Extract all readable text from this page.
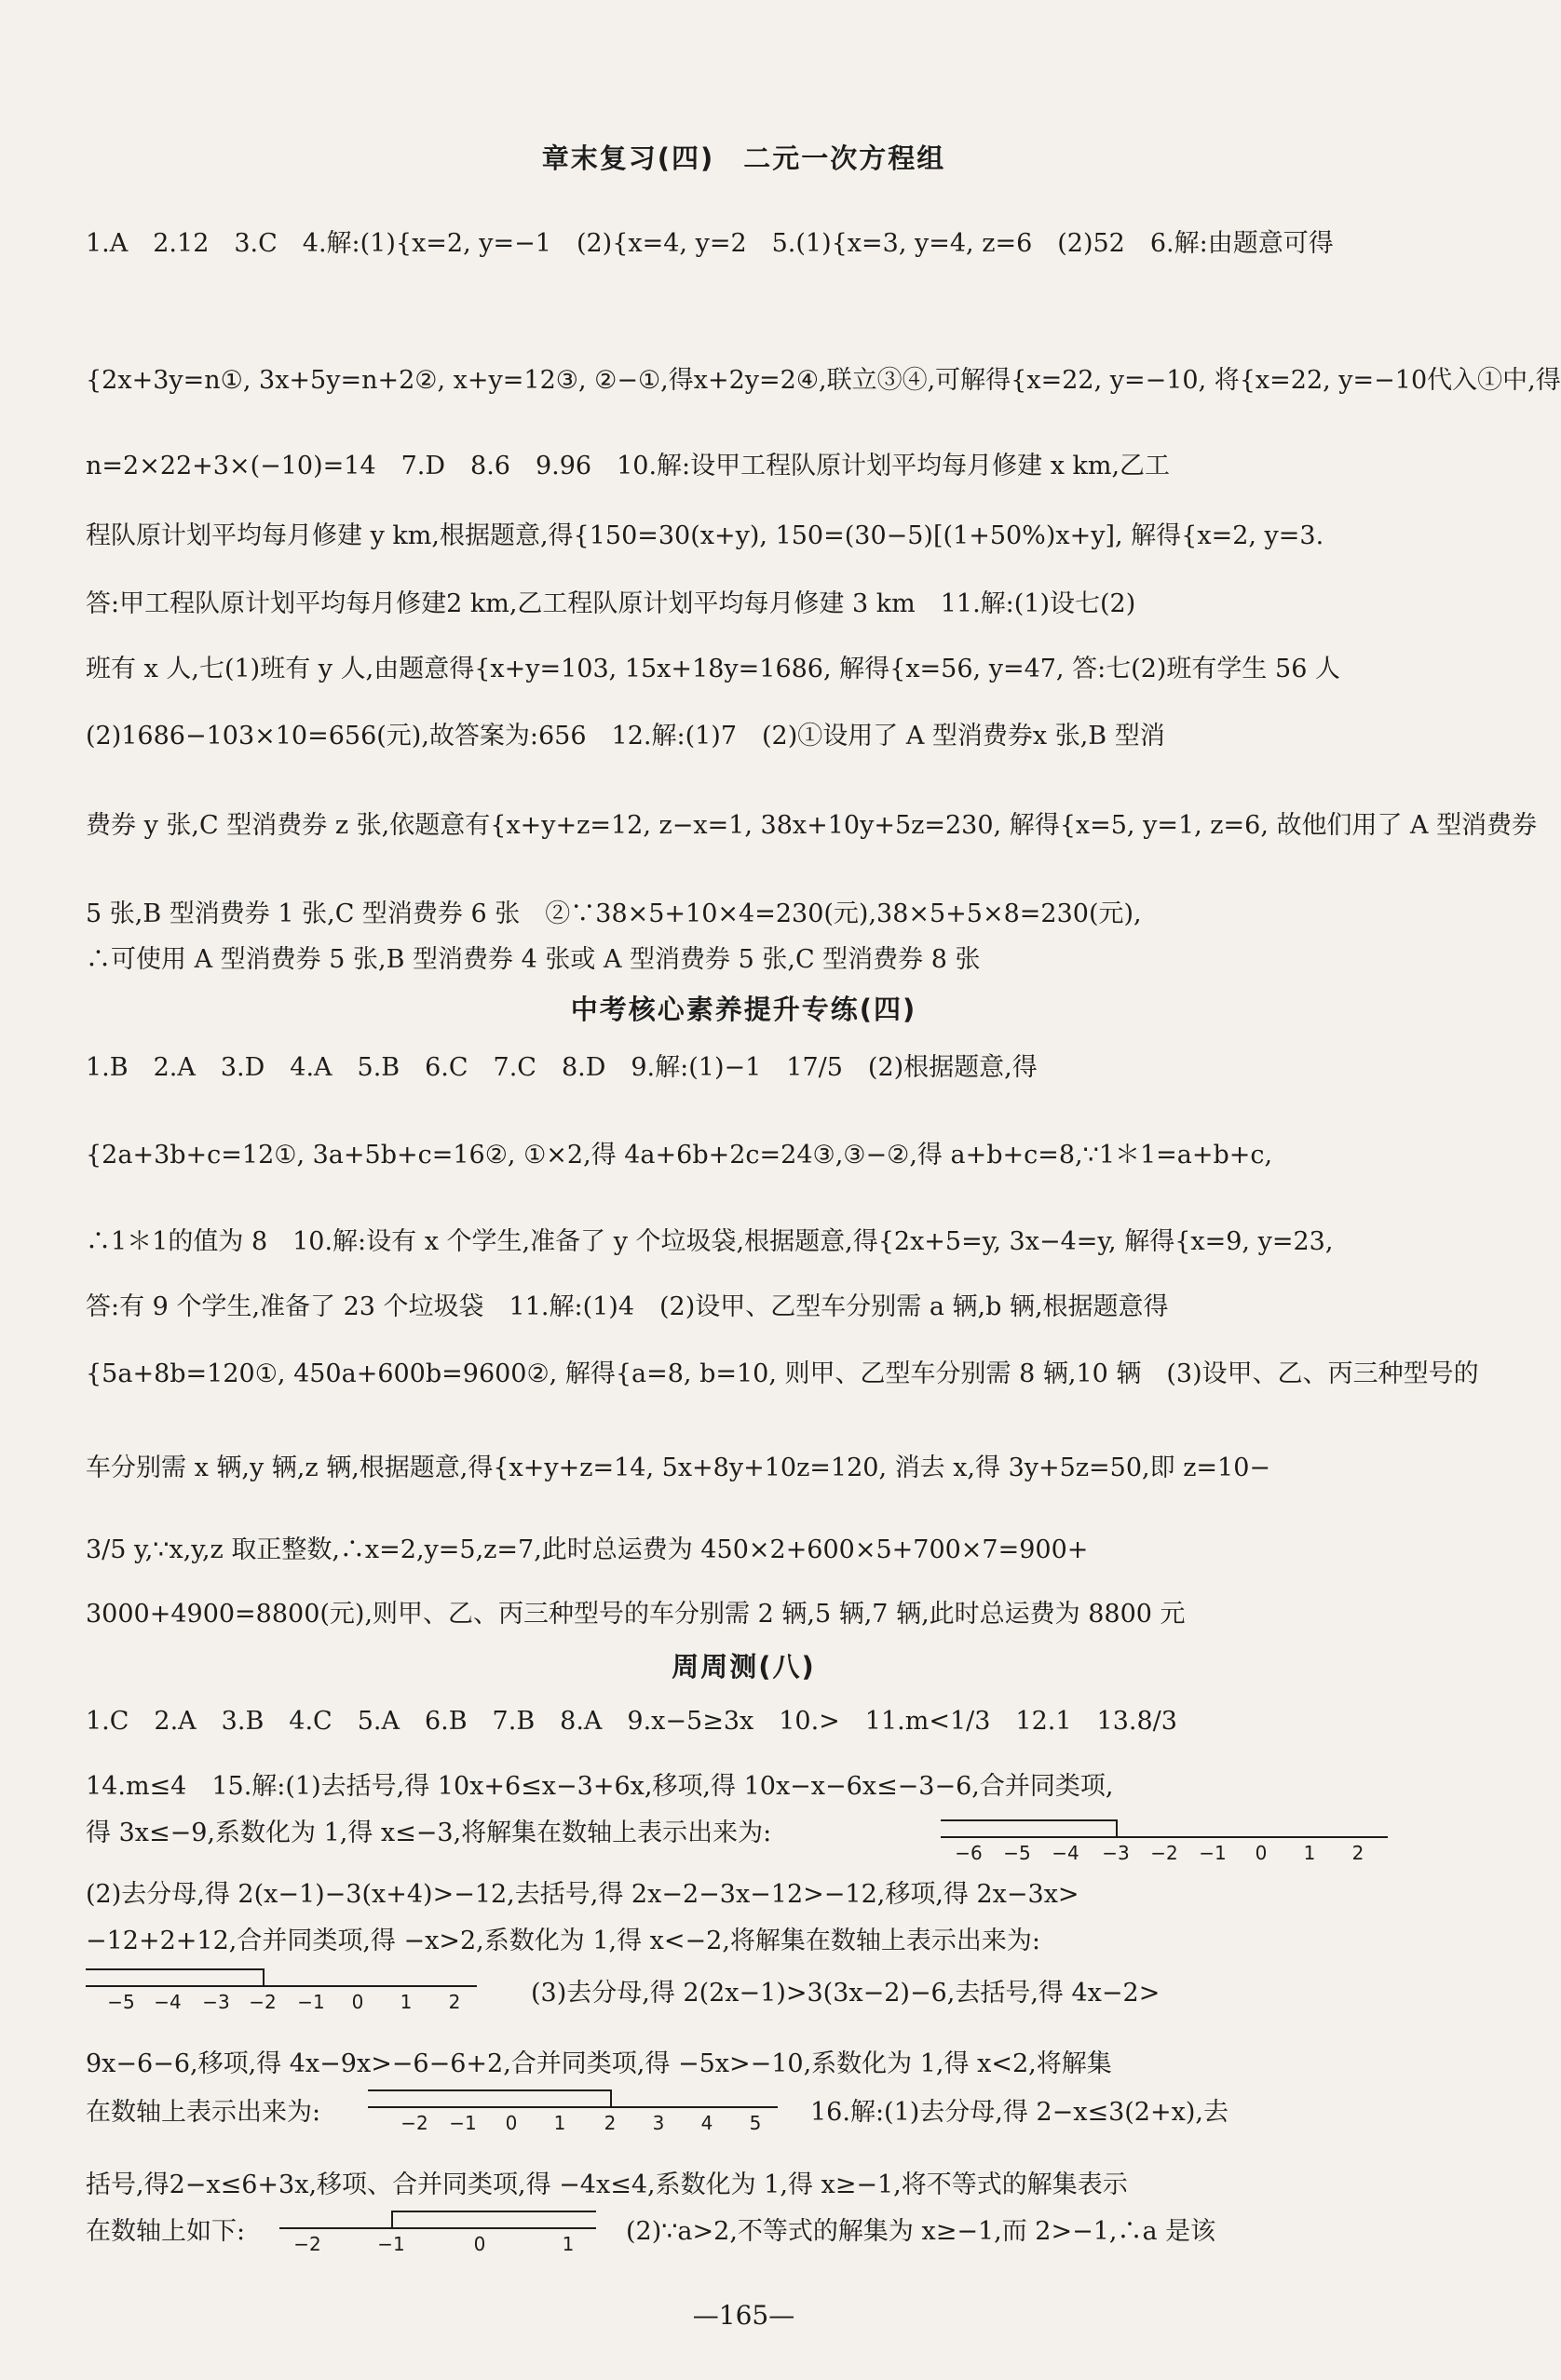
章末复习(四)　二元一次方程组
1.A　2.12　3.C　4.解:(1){x=2, y=−1　(2){x=4, y=2　5.(1){x=3, y=4, z=6　(2)52　6.解:由题意可得
{2x+3y=n①, 3x+5y=n+2②, x+y=12③, ②−①,得x+2y=2④,联立③④,可解得{x=22, y=−10, 将{x=22, y=−10代入①中,得
n=2×22+3×(−10)=14　7.D　8.6　9.96　10.解:设甲工程队原计划平均每月修建 x km,乙工
程队原计划平均每月修建 y km,根据题意,得{150=30(x+y), 150=(30−5)[(1+50%)x+y], 解得{x=2, y=3.
答:甲工程队原计划平均每月修建2 km,乙工程队原计划平均每月修建 3 km　11.解:(1)设七(2)
班有 x 人,七(1)班有 y 人,由题意得{x+y=103, 15x+18y=1686, 解得{x=56, y=47, 答:七(2)班有学生 56 人
(2)1686−103×10=656(元),故答案为:656　12.解:(1)7　(2)①设用了 A 型消费券x 张,B 型消
费券 y 张,C 型消费券 z 张,依题意有{x+y+z=12, z−x=1, 38x+10y+5z=230, 解得{x=5, y=1, z=6, 故他们用了 A 型消费券
5 张,B 型消费券 1 张,C 型消费券 6 张　②∵38×5+10×4=230(元),38×5+5×8=230(元),
∴可使用 A 型消费券 5 张,B 型消费券 4 张或 A 型消费券 5 张,C 型消费券 8 张
中考核心素养提升专练(四)
1.B　2.A　3.D　4.A　5.B　6.C　7.C　8.D　9.解:(1)−1　17/5　(2)根据题意,得
{2a+3b+c=12①, 3a+5b+c=16②, ①×2,得 4a+6b+2c=24③,③−②,得 a+b+c=8,∵1＊1=a+b+c,
∴1＊1的值为 8　10.解:设有 x 个学生,准备了 y 个垃圾袋,根据题意,得{2x+5=y, 3x−4=y, 解得{x=9, y=23,
答:有 9 个学生,准备了 23 个垃圾袋　11.解:(1)4　(2)设甲、乙型车分别需 a 辆,b 辆,根据题意得
{5a+8b=120①, 450a+600b=9600②, 解得{a=8, b=10, 则甲、乙型车分别需 8 辆,10 辆　(3)设甲、乙、丙三种型号的
车分别需 x 辆,y 辆,z 辆,根据题意,得{x+y+z=14, 5x+8y+10z=120, 消去 x,得 3y+5z=50,即 z=10−
3/5 y,∵x,y,z 取正整数,∴x=2,y=5,z=7,此时总运费为 450×2+600×5+700×7=900+
3000+4900=8800(元),则甲、乙、丙三种型号的车分别需 2 辆,5 辆,7 辆,此时总运费为 8800 元
周周测(八)
1.C　2.A　3.B　4.C　5.A　6.B　7.B　8.A　9.x−5≥3x　10.>　11.m<1/3　12.1　13.8/3
14.m≤4　15.解:(1)去括号,得 10x+6≤x−3+6x,移项,得 10x−x−6x≤−3−6,合并同类项,
得 3x≤−9,系数化为 1,得 x≤−3,将解集在数轴上表示出来为:
−6 −5 −4 −3 −2 −1 0 1 2
(2)去分母,得 2(x−1)−3(x+4)>−12,去括号,得 2x−2−3x−12>−12,移项,得 2x−3x>
−12+2+12,合并同类项,得 −x>2,系数化为 1,得 x<−2,将解集在数轴上表示出来为:
−5 −4 −3 −2 −1 0 1 2	(3)去分母,得 2(2x−1)>3(3x−2)−6,去括号,得 4x−2>
9x−6−6,移项,得 4x−9x>−6−6+2,合并同类项,得 −5x>−10,系数化为 1,得 x<2,将解集
在数轴上表示出来为:	−2 −1 0 1 2 3 4 5 16.解:(1)去分母,得 2−x≤3(2+x),去
括号,得2−x≤6+3x,移项、合并同类项,得 −4x≤4,系数化为 1,得 x≥−1,将不等式的解集表示
在数轴上如下:	−2	−1	0	1 (2)∵a>2,不等式的解集为 x≥−1,而 2>−1,∴a 是该
—165—
